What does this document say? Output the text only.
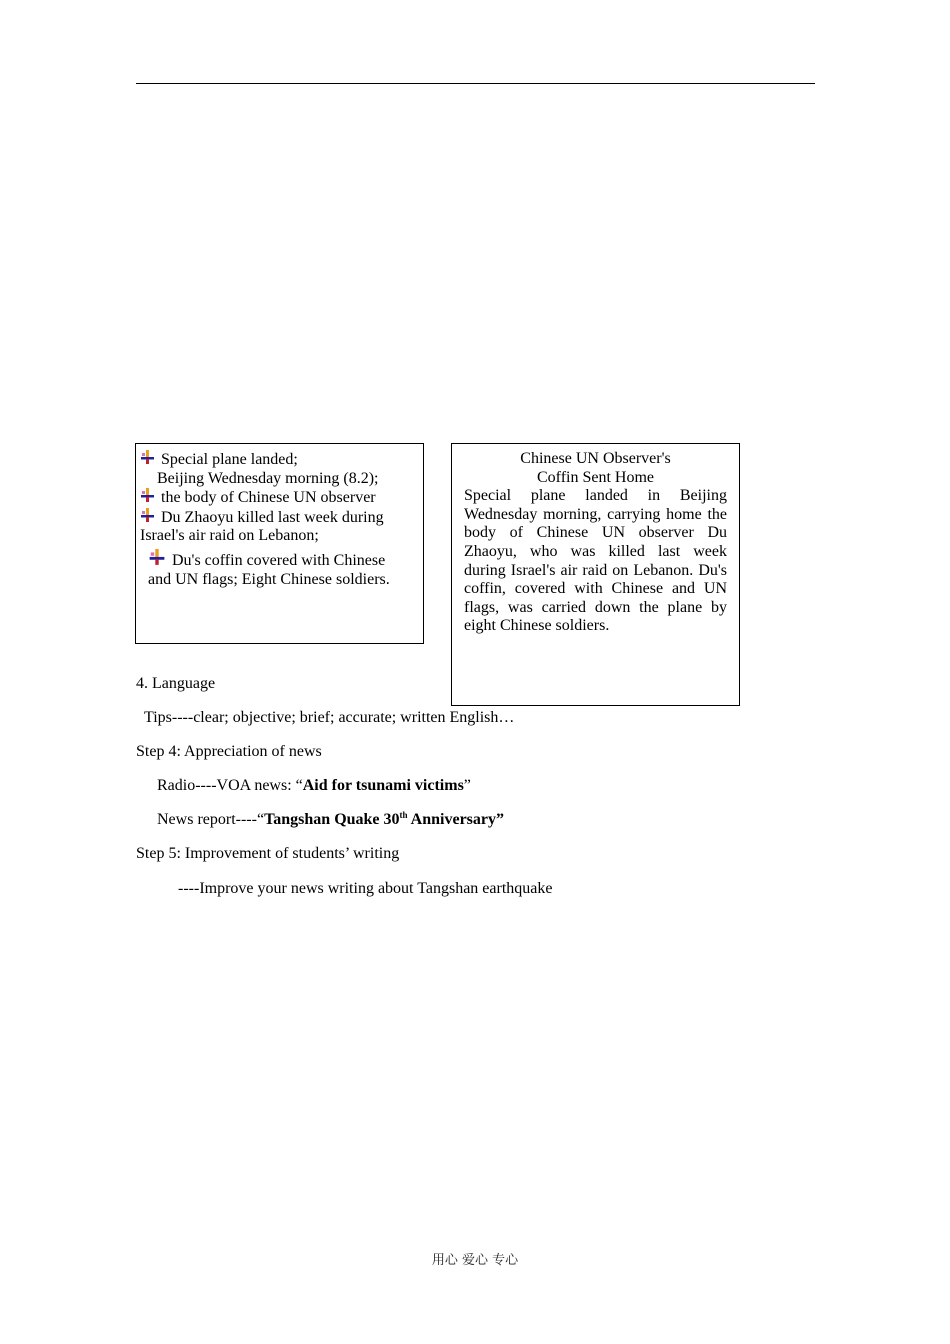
Special plane landed;
Beijing Wednesday morning (8.2);
the body of Chinese UN observer
Du Zhaoyu killed last week during
Israel's air raid on Lebanon;
Du's coffin covered with Chinese
and UN flags; Eight Chinese soldiers.
Chinese UN Observer's
Coffin Sent Home
Special plane landed in Beijing Wednesday morning, carrying home the body of Chinese UN observer Du Zhaoyu, who was killed last week during Israel's air raid on Lebanon. Du's coffin, covered with Chinese and UN flags, was carried down the plane by eight Chinese soldiers.
4. Language
Tips----clear; objective; brief; accurate; written English…
Step 4: Appreciation of news
Radio----VOA news: “Aid for tsunami victims”
News report----“Tangshan Quake 30th Anniversary”
Step 5: Improvement of students’ writing
----Improve your news writing about Tangshan earthquake
用心 爱心 专心
